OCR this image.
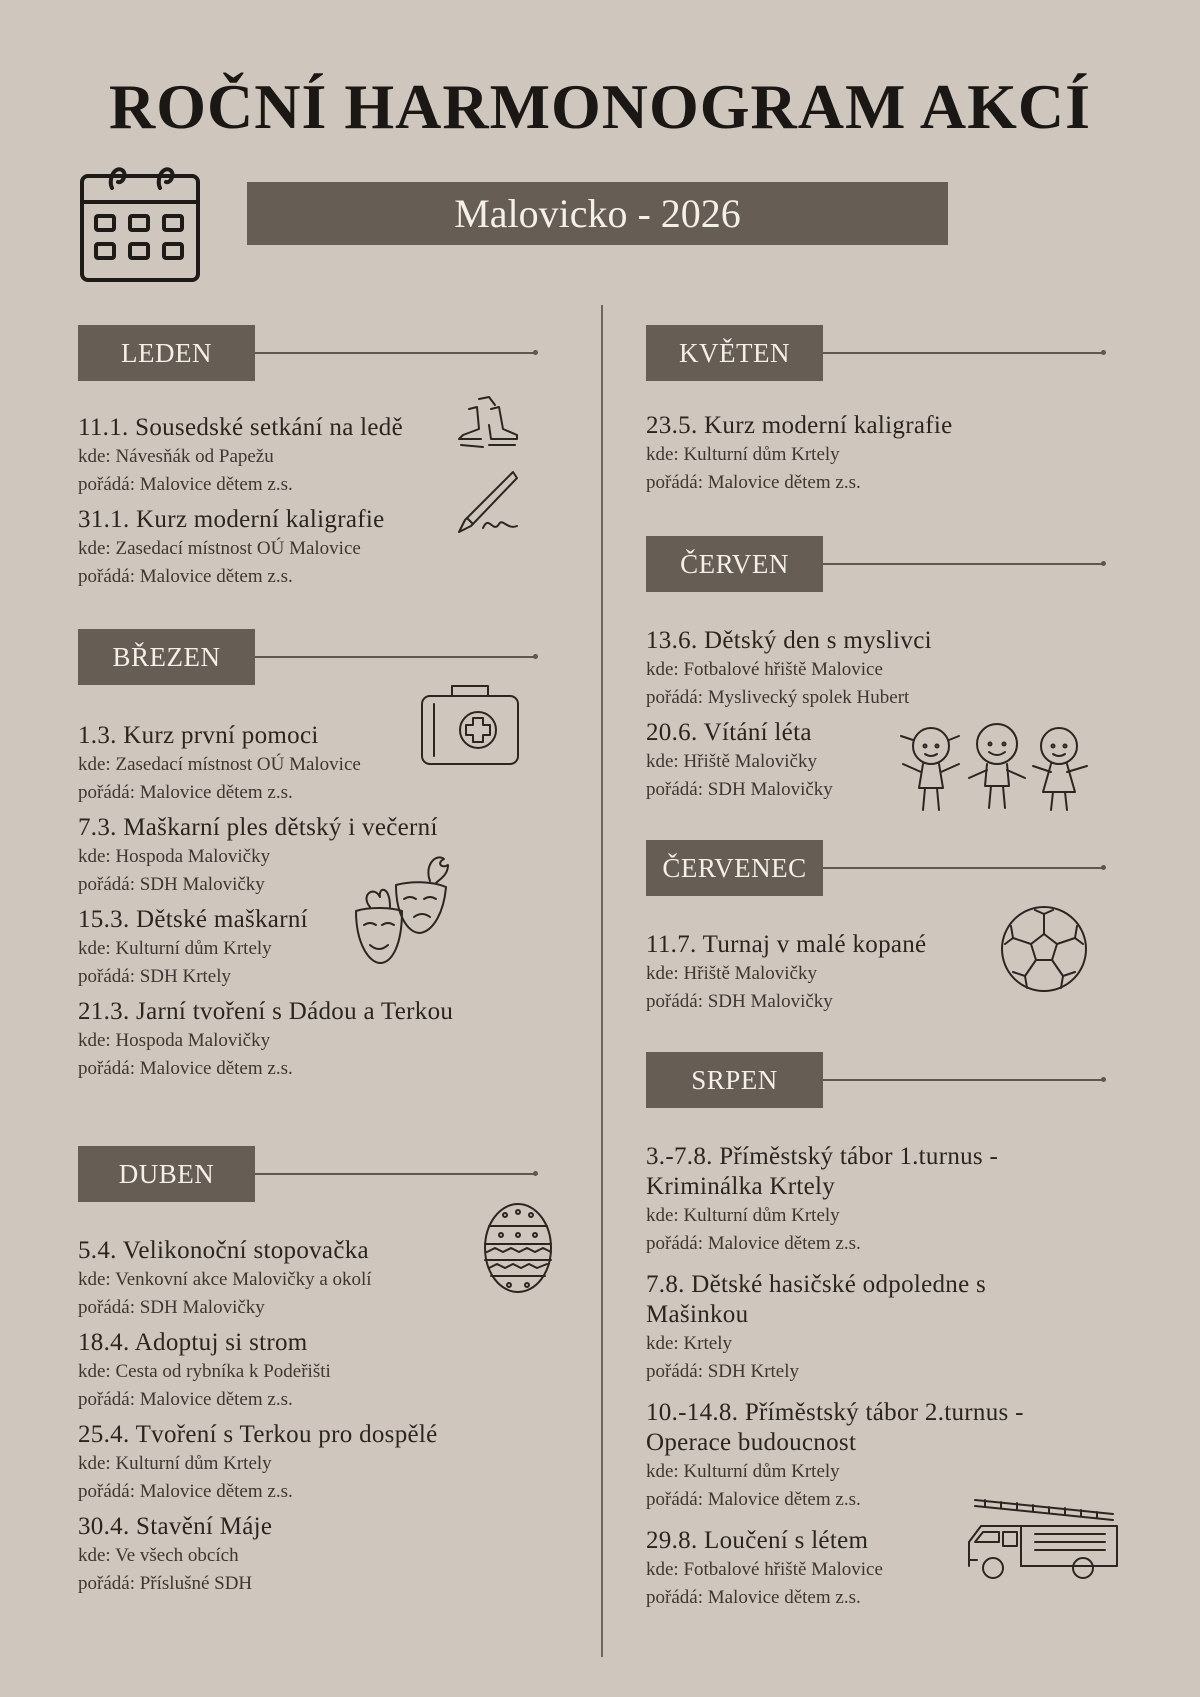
ROČNÍ HARMONOGRAM AKCÍ
Malovicko - 2026
LEDEN
11.1. Sousedské setkání na ledě
kde: Návesňák od Papežu
pořádá: Malovice dětem z.s.
31.1. Kurz moderní kaligrafie
kde: Zasedací místnost OÚ Malovice
pořádá: Malovice dětem z.s.
BŘEZEN
1.3. Kurz první pomoci
kde: Zasedací místnost OÚ Malovice
pořádá: Malovice dětem z.s.
7.3. Maškarní ples dětský i večerní
kde: Hospoda Malovičky
pořádá: SDH Malovičky
15.3. Dětské maškarní
kde: Kulturní dům Krtely
pořádá: SDH Krtely
21.3. Jarní tvoření s Dádou a Terkou
kde: Hospoda Malovičky
pořádá: Malovice dětem z.s.
DUBEN
5.4. Velikonoční stopovačka
kde: Venkovní akce Malovičky a okolí
pořádá: SDH Malovičky
18.4. Adoptuj si strom
kde: Cesta od rybníka k Podeřišti
pořádá: Malovice dětem z.s.
25.4. Tvoření s Terkou pro dospělé
kde: Kulturní dům Krtely
pořádá: Malovice dětem z.s.
30.4. Stavění Máje
kde: Ve všech obcích
pořádá: Příslušné SDH
KVĚTEN
23.5. Kurz moderní kaligrafie
kde: Kulturní dům Krtely
pořádá: Malovice dětem z.s.
ČERVEN
13.6. Dětský den s myslivci
kde: Fotbalové hřiště Malovice
pořádá: Myslivecký spolek Hubert
20.6. Vítání léta
kde: Hřiště Malovičky
pořádá: SDH Malovičky
ČERVENEC
11.7. Turnaj v malé kopané
kde: Hřiště Malovičky
pořádá: SDH Malovičky
SRPEN
3.-7.8. Příměstský tábor 1.turnus -
Kriminálka Krtely
kde: Kulturní dům Krtely
pořádá: Malovice dětem z.s.
7.8. Dětské hasičské odpoledne s
Mašinkou
kde: Krtely
pořádá: SDH Krtely
10.-14.8. Příměstský tábor 2.turnus -
Operace budoucnost
kde: Kulturní dům Krtely
pořádá: Malovice dětem z.s.
29.8. Loučení s létem
kde: Fotbalové hřiště Malovice
pořádá: Malovice dětem z.s.
